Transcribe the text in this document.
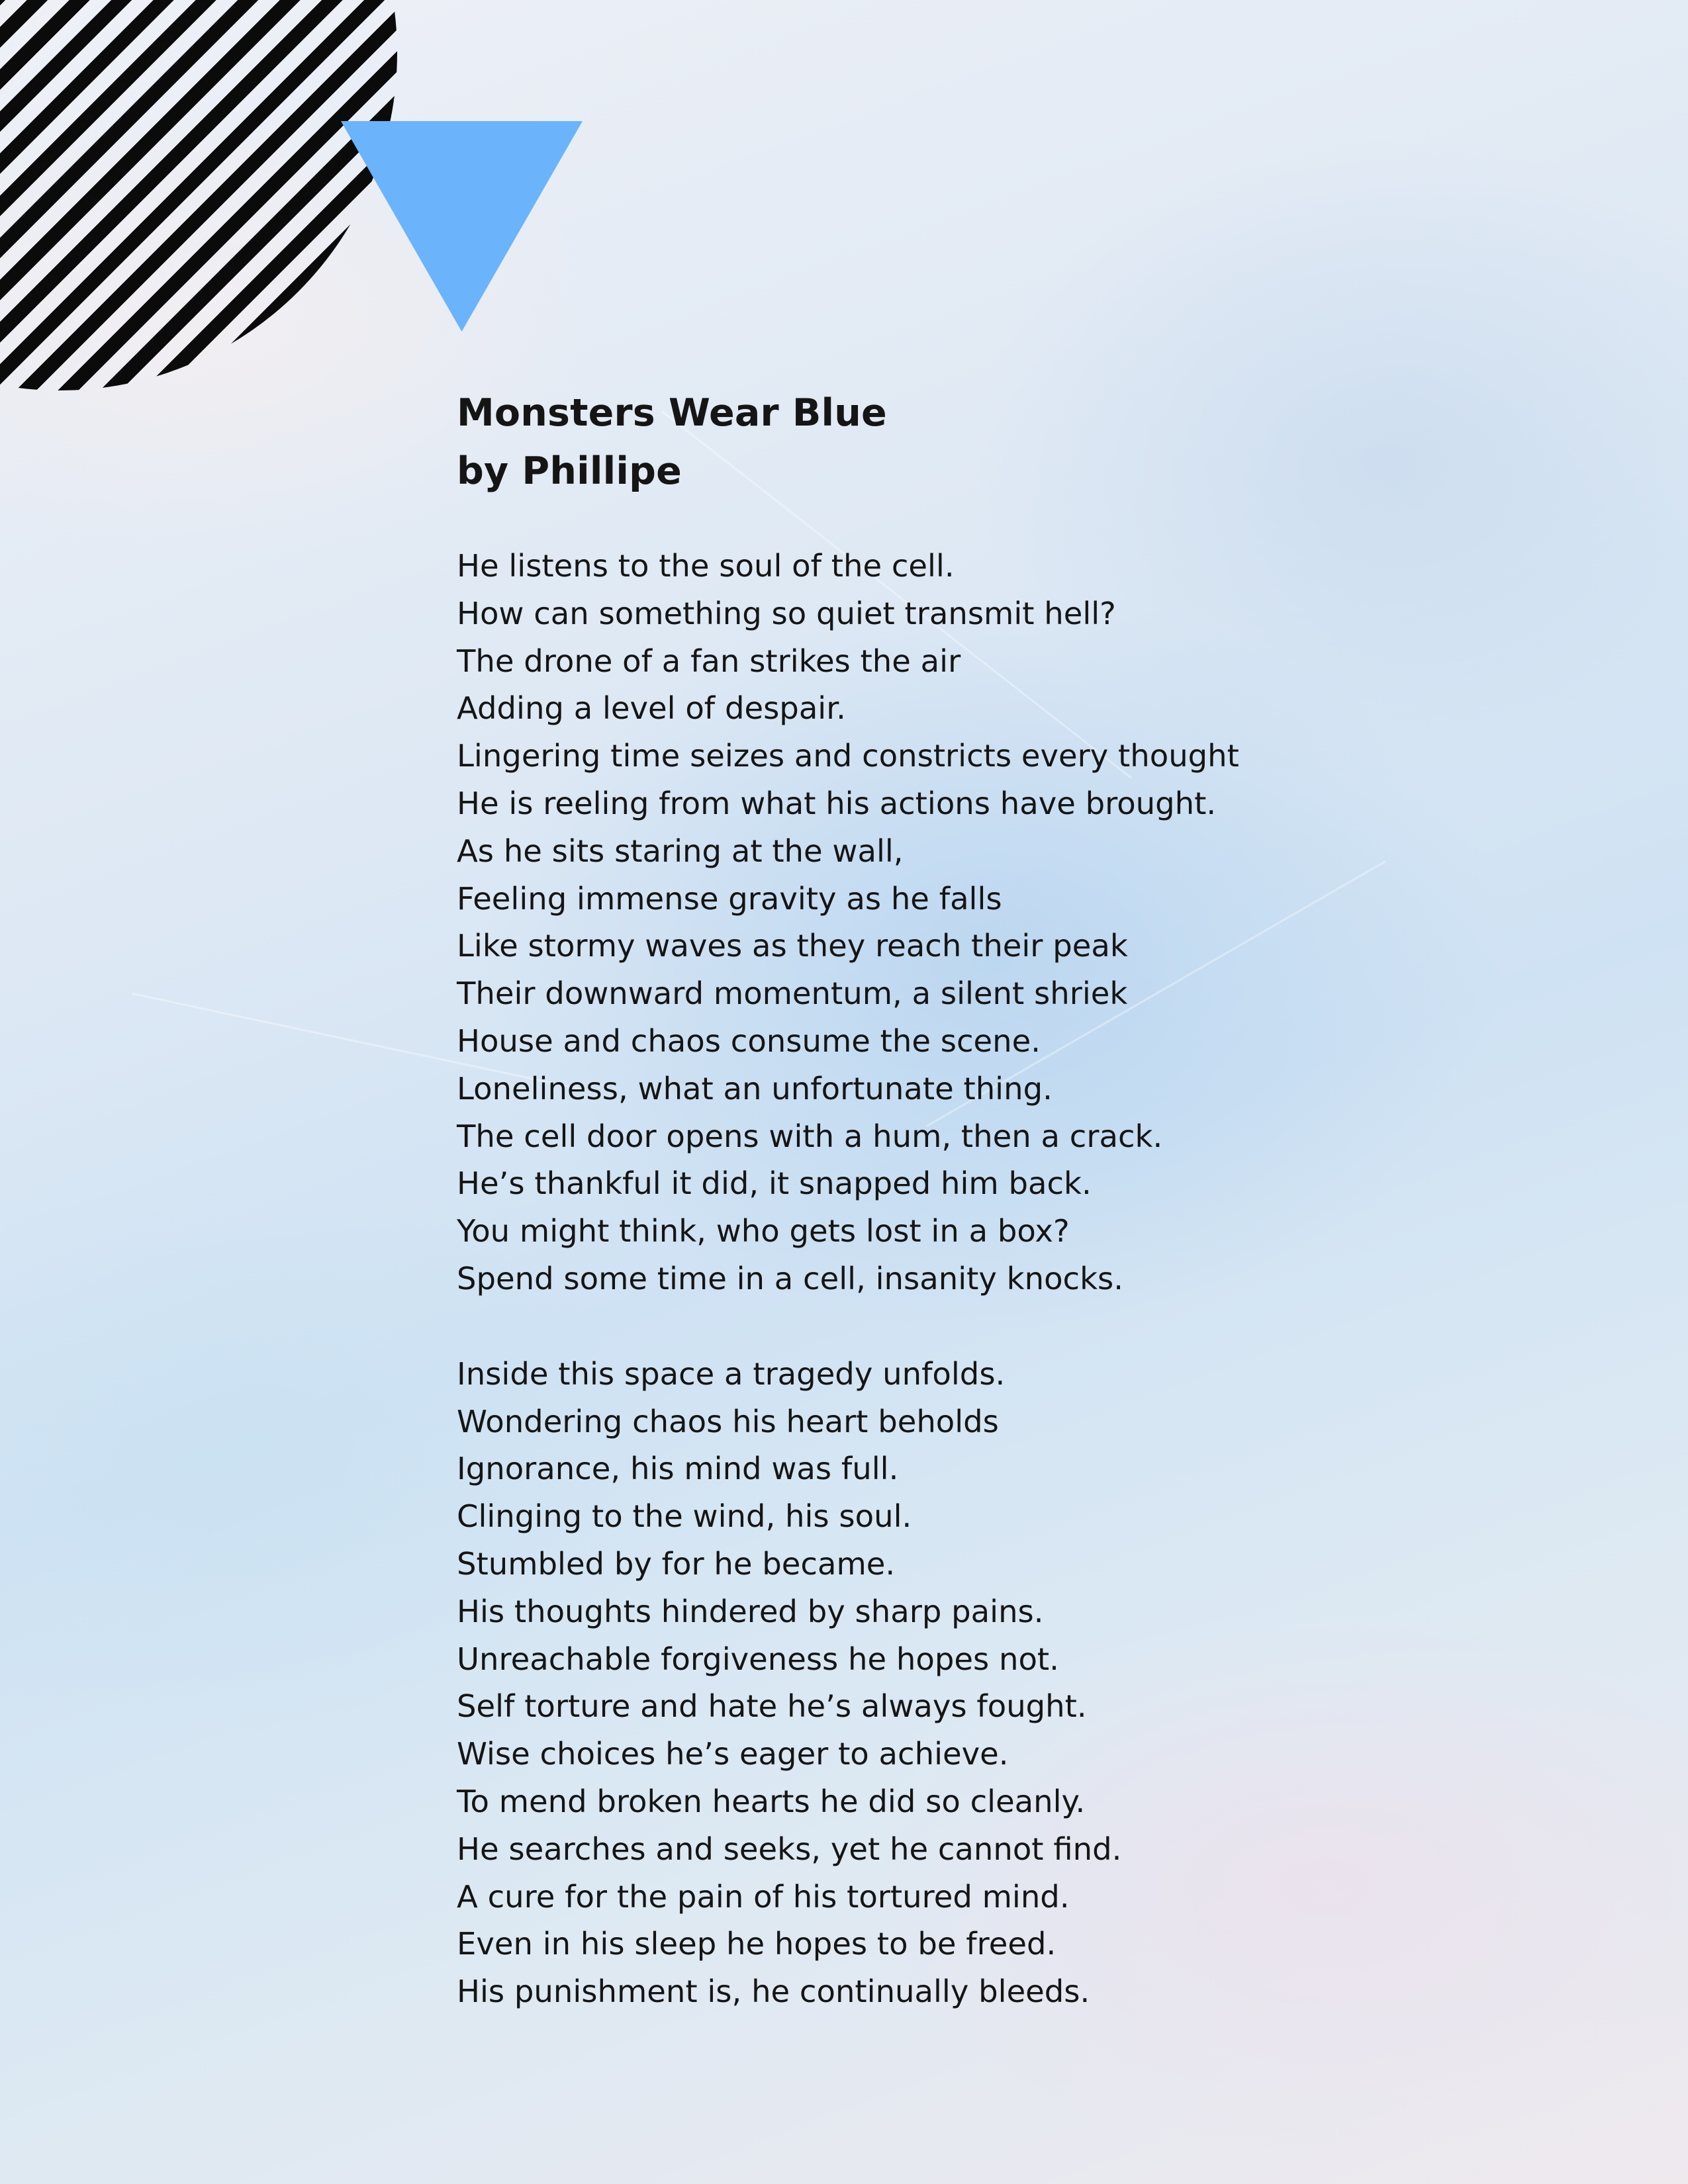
Monsters Wear Blue
by Phillipe
He listens to the soul of the cell.
How can something so quiet transmit hell?
The drone of a fan strikes the air
Adding a level of despair.
Lingering time seizes and constricts every thought
He is reeling from what his actions have brought.
As he sits staring at the wall,
Feeling immense gravity as he falls
Like stormy waves as they reach their peak
Their downward momentum, a silent shriek
House and chaos consume the scene.
Loneliness, what an unfortunate thing.
The cell door opens with a hum, then a crack.
He’s thankful it did, it snapped him back.
You might think, who gets lost in a box?
Spend some time in a cell, insanity knocks.
Inside this space a tragedy unfolds.
Wondering chaos his heart beholds
Ignorance, his mind was full.
Clinging to the wind, his soul.
Stumbled by for he became.
His thoughts hindered by sharp pains.
Unreachable forgiveness he hopes not.
Self torture and hate he’s always fought.
Wise choices he’s eager to achieve.
To mend broken hearts he did so cleanly.
He searches and seeks, yet he cannot find.
A cure for the pain of his tortured mind.
Even in his sleep he hopes to be freed.
His punishment is, he continually bleeds.
